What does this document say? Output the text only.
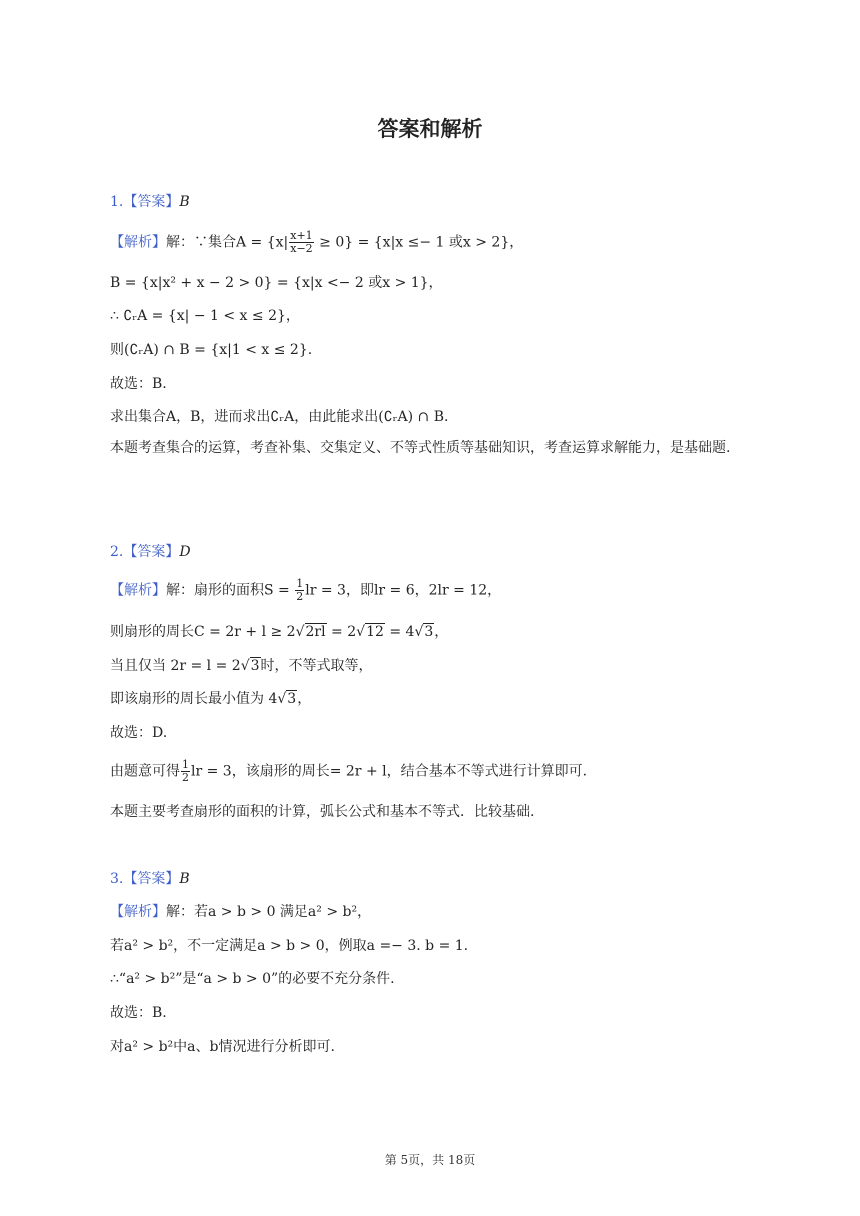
答案和解析
1.【答案】B
【解析】解：∵集合$A = \{x| \frac{x+1}{x-2} \ge 0\} = \{x|x \le- 1$ 或x > 2}，
B = {x|x² + x − 2 > 0} = {x|x <− 2 或x > 1}，
∴ ∁ᵣA = {x| − 1 < x ≤ 2}，
则(∁ᵣA) ∩ B = {x|1 < x ≤ 2}.
故选：B.
求出集合A，B，进而求出∁ᵣA，由此能求出(∁ᵣA) ∩ B.
本题考查集合的运算，考查补集、交集定义、不等式性质等基础知识，考查运算求解能力，是基础题.
2.【答案】D
【解析】解：扇形的面积$S = \frac{1}{2}$ lr = 3，即lr = 6，2lr = 12，
则扇形的周长C = 2r + l ≥ 2√2rl = 2√12 = 4√3，
当且仅当 2r = l = 2√3时，不等式取等，
即该扇形的周长最小值为 4√3，
故选：D.
由题意可得 $\frac{1}{2}$ lr = 3，该扇形的周长= 2r + l，结合基本不等式进行计算即可.
本题主要考查扇形的面积的计算，弧长公式和基本不等式．比较基础.
3.【答案】B
【解析】解：若a > b > 0 满足a² > b²，
若a² > b²，不一定满足a > b > 0，例取a =− 3. b = 1.
∴“a² > b²”是“a > b > 0”的必要不充分条件.
故选：B.
对a² > b²中a、b情况进行分析即可.
第 5页，共 18页
